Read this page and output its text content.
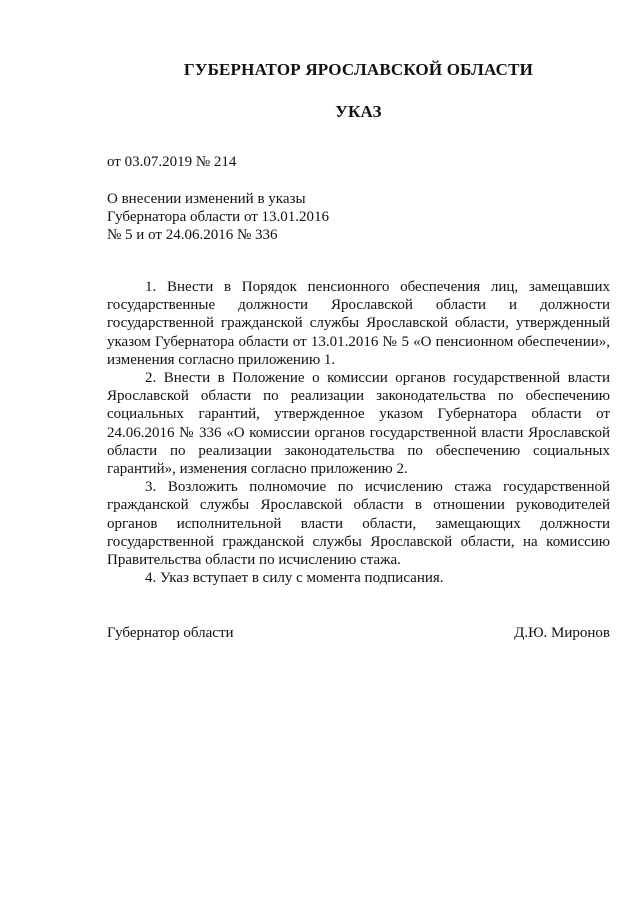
ГУБЕРНАТОР ЯРОСЛАВСКОЙ ОБЛАСТИ
УКАЗ
от 03.07.2019 № 214
О внесении изменений в указы
Губернатора области от 13.01.2016
№ 5 и от 24.06.2016 № 336

1. Внести в Порядок пенсионного обеспечения лиц, замещавших государственные должности Ярославской области и должности государственной гражданской службы Ярославской области, утвержденный указом Губернатора области от 13.01.2016 № 5 «О пенсионном обеспечении», изменения согласно приложению 1.

2. Внести в Положение о комиссии органов государственной власти Ярославской области по реализации законодательства по обеспечению социальных гарантий, утвержденное указом Губернатора области от 24.06.2016 № 336 «О комиссии органов государственной власти Ярославской области по реализации законодательства по обеспечению социальных гарантий», изменения согласно приложению 2.

3. Возложить полномочие по исчислению стажа государственной гражданской службы Ярославской области в отношении руководителей органов исполнительной власти области, замещающих должности государственной гражданской службы Ярославской области, на комиссию Правительства области по исчислению стажа.

4. Указ вступает в силу с момента подписания.

Губернатор области	Д.Ю. Миронов
